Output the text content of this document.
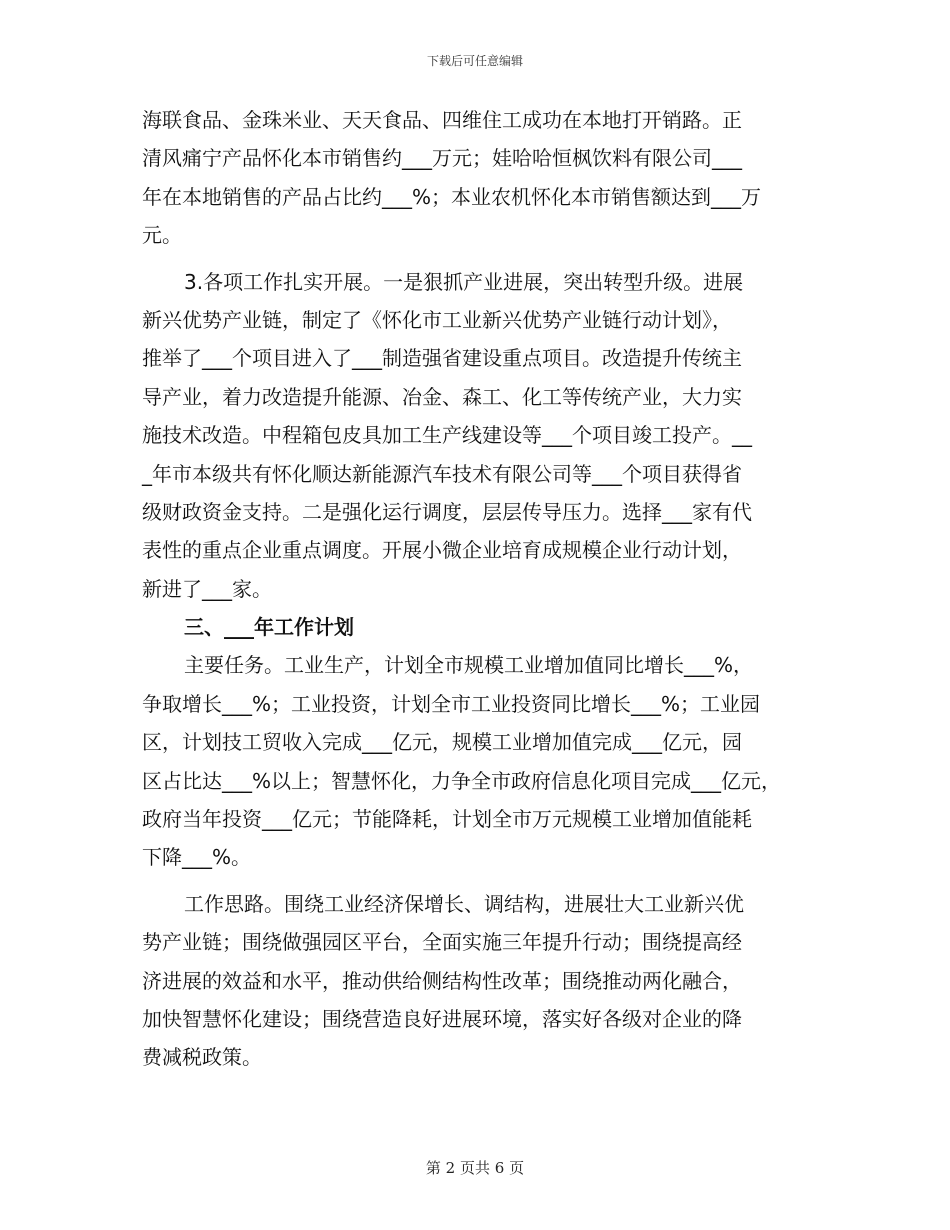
下载后可任意编辑
海联食品、金珠米业、天天食品、四维住工成功在本地打开销路。正
清风痛宁产品怀化本市销售约___万元；娃哈哈恒枫饮料有限公司___
年在本地销售的产品占比约___%；本业农机怀化本市销售额达到___万
元。
3.各项工作扎实开展。一是狠抓产业进展，突出转型升级。进展
新兴优势产业链，制定了《怀化市工业新兴优势产业链行动计划》，
推举了___个项目进入了___制造强省建设重点项目。改造提升传统主
导产业，着力改造提升能源、冶金、森工、化工等传统产业，大力实
施技术改造。中程箱包皮具加工生产线建设等___个项目竣工投产。__
_年市本级共有怀化顺达新能源汽车技术有限公司等___个项目获得省
级财政资金支持。二是强化运行调度，层层传导压力。选择___家有代
表性的重点企业重点调度。开展小微企业培育成规模企业行动计划，
新进了___家。
三、___年工作计划
主要任务。工业生产，计划全市规模工业增加值同比增长___%，
争取增长___%；工业投资，计划全市工业投资同比增长___%；工业园
区，计划技工贸收入完成___亿元，规模工业增加值完成___亿元，园
区占比达___%以上；智慧怀化，力争全市政府信息化项目完成___亿元，
政府当年投资___亿元；节能降耗，计划全市万元规模工业增加值能耗
下降___%。
工作思路。围绕工业经济保增长、调结构，进展壮大工业新兴优
势产业链；围绕做强园区平台，全面实施三年提升行动；围绕提高经
济进展的效益和水平，推动供给侧结构性改革；围绕推动两化融合，
加快智慧怀化建设；围绕营造良好进展环境，落实好各级对企业的降
费减税政策。
第 2 页共 6 页
